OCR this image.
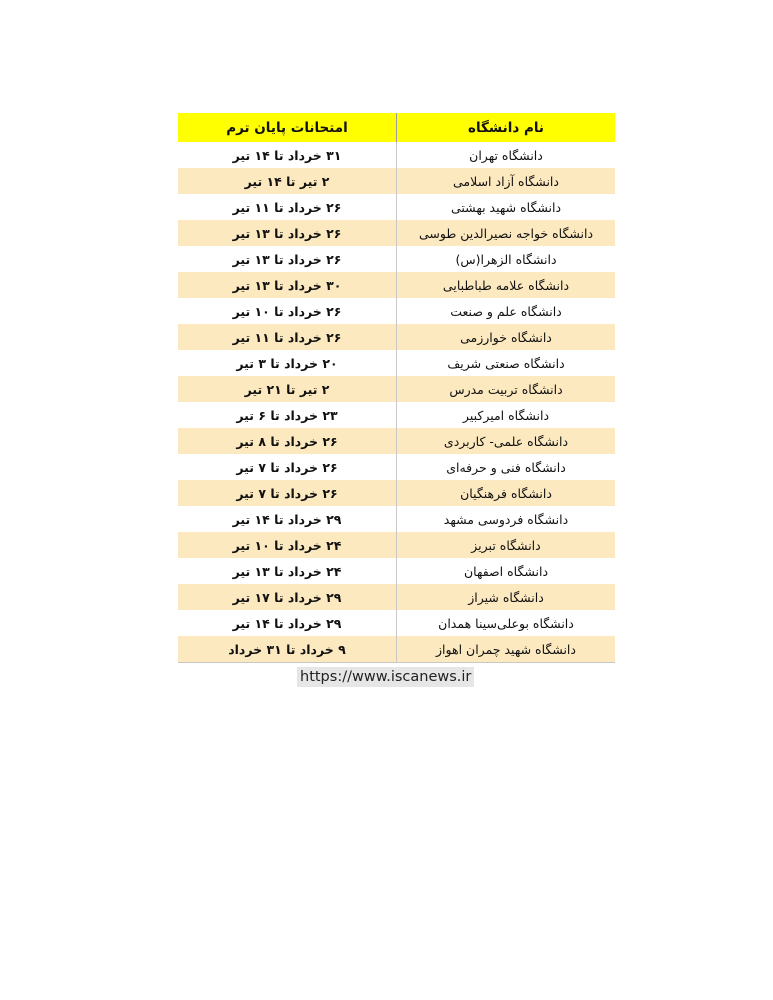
نام دانشگاه	امتحانات پایان ترم
دانشگاه تهران	۳۱ خرداد تا ۱۴ تیر
دانشگاه آزاد اسلامی	۲ تیر تا ۱۴ تیر
دانشگاه شهید بهشتی	۲۶ خرداد تا ۱۱ تیر
دانشگاه خواجه نصیرالدین طوسی	۲۶ خرداد تا ۱۳ تیر
دانشگاه الزهرا(س)	۲۶ خرداد تا ۱۳ تیر
دانشگاه علامه طباطبایی	۳۰ خرداد تا ۱۳ تیر
دانشگاه علم و صنعت	۲۶ خرداد تا ۱۰ تیر
دانشگاه خوارزمی	۲۶ خرداد تا ۱۱ تیر
دانشگاه صنعتی شریف	۲۰ خرداد تا ۳ تیر
دانشگاه تربیت مدرس	۲ تیر تا ۲۱ تیر
دانشگاه امیرکبیر	۲۳ خرداد تا ۶ تیر
دانشگاه علمی- کاربردی	۲۶ خرداد تا ۸ تیر
دانشگاه فنی و حرفه‌ای	۲۶ خرداد تا ۷ تیر
دانشگاه فرهنگیان	۲۶ خرداد تا ۷ تیر
دانشگاه فردوسی مشهد	۲۹ خرداد تا ۱۴ تیر
دانشگاه تبریز	۲۴ خرداد تا ۱۰ تیر
دانشگاه اصفهان	۲۴ خرداد تا ۱۳ تیر
دانشگاه شیراز	۲۹ خرداد تا ۱۷ تیر
دانشگاه بوعلی‌سینا همدان	۲۹ خرداد تا ۱۴ تیر
دانشگاه شهید چمران اهواز	۹ خرداد تا ۳۱ خرداد
https://www.iscanews.ir
